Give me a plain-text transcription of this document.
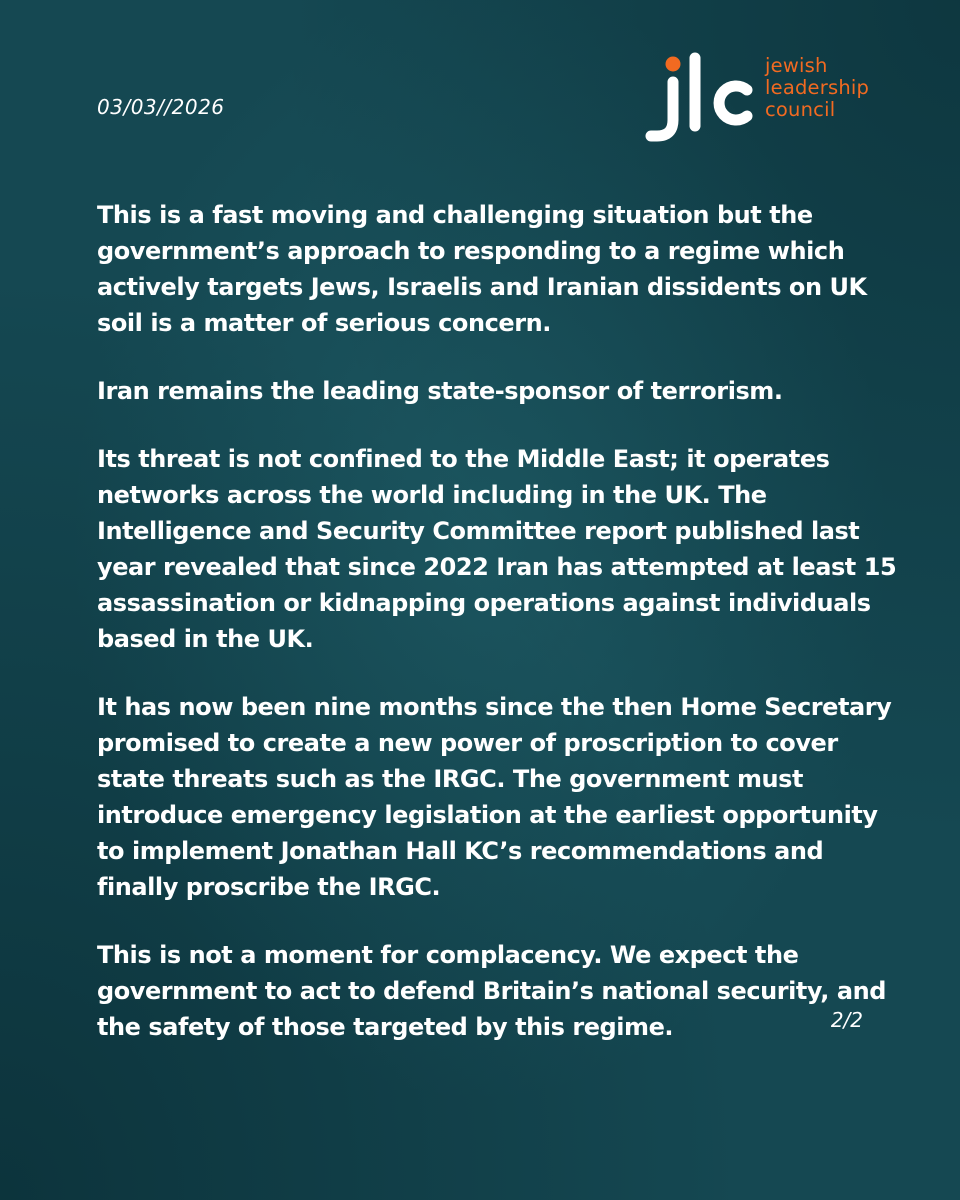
03/03//2026
jewish
leadership
council

This is a fast moving and challenging situation but the government’s approach to responding to a regime which actively targets Jews, Israelis and Iranian dissidents on UK soil is a matter of serious concern.

Iran remains the leading state-sponsor of terrorism.

Its threat is not confined to the Middle East; it operates networks across the world including in the UK. The Intelligence and Security Committee report published last year revealed that since 2022 Iran has attempted at least 15 assassination or kidnapping operations against individuals based in the UK.

It has now been nine months since the then Home Secretary promised to create a new power of proscription to cover state threats such as the IRGC. The government must introduce emergency legislation at the earliest opportunity to implement Jonathan Hall KC’s recommendations and finally proscribe the IRGC.

This is not a moment for complacency. We expect the government to act to defend Britain’s national security, and the safety of those targeted by this regime.	2/2
